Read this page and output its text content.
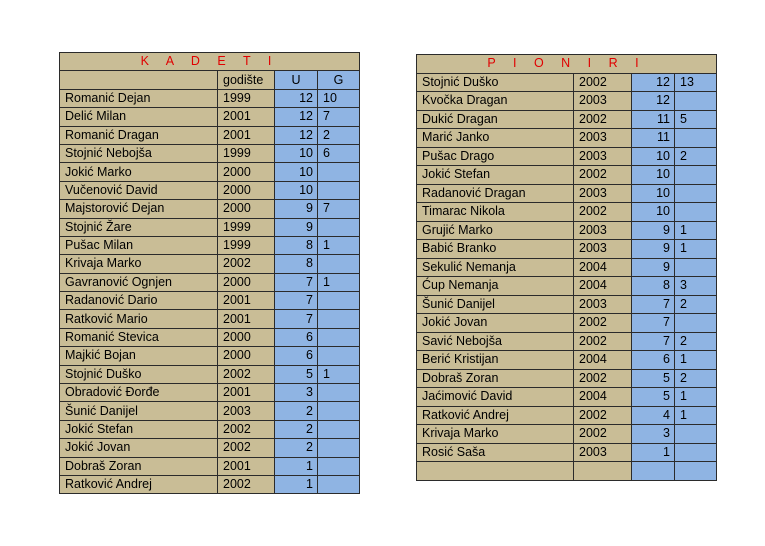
K A D E T I			
	godište	U	G
Romanić Dejan	1999	12	10
Delić Milan	2001	12	7
Romanić Dragan	2001	12	2
Stojnić Nebojša	1999	10	6
Jokić Marko	2000	10	
Vučenović David	2000	10	
Majstorović Dejan	2000	9	7
Stojnić Žare	1999	9	
Pušac Milan	1999	8	1
Krivaja Marko	2002	8	
Gavranović Ognjen	2000	7	1
Radanović Dario	2001	7	
Ratković Mario	2001	7	
Romanić Stevica	2000	6	
Majkić Bojan	2000	6	
Stojnić Duško	2002	5	1
Obradović Đorđe	2001	3	
Šunić Danijel	2003	2	
Jokić Stefan	2002	2	
Jokić Jovan	2002	2	
Dobraš Zoran	2001	1	
Ratković Andrej	2002	1	
P I O N I R I			
Stojnić Duško	2002	12	13
Kvočka Dragan	2003	12	
Dukić Dragan	2002	11	5
Marić Janko	2003	11	
Pušac Drago	2003	10	2
Jokić Stefan	2002	10	
Radanović Dragan	2003	10	
Timarac Nikola	2002	10	
Grujić Marko	2003	9	1
Babić Branko	2003	9	1
Sekulić Nemanja	2004	9	
Ćup Nemanja	2004	8	3
Šunić Danijel	2003	7	2
Jokić Jovan	2002	7	
Savić Nebojša	2002	7	2
Berić Kristijan	2004	6	1
Dobraš Zoran	2002	5	2
Jaćimović David	2004	5	1
Ratković Andrej	2002	4	1
Krivaja Marko	2002	3	
Rosić Saša	2003	1	
